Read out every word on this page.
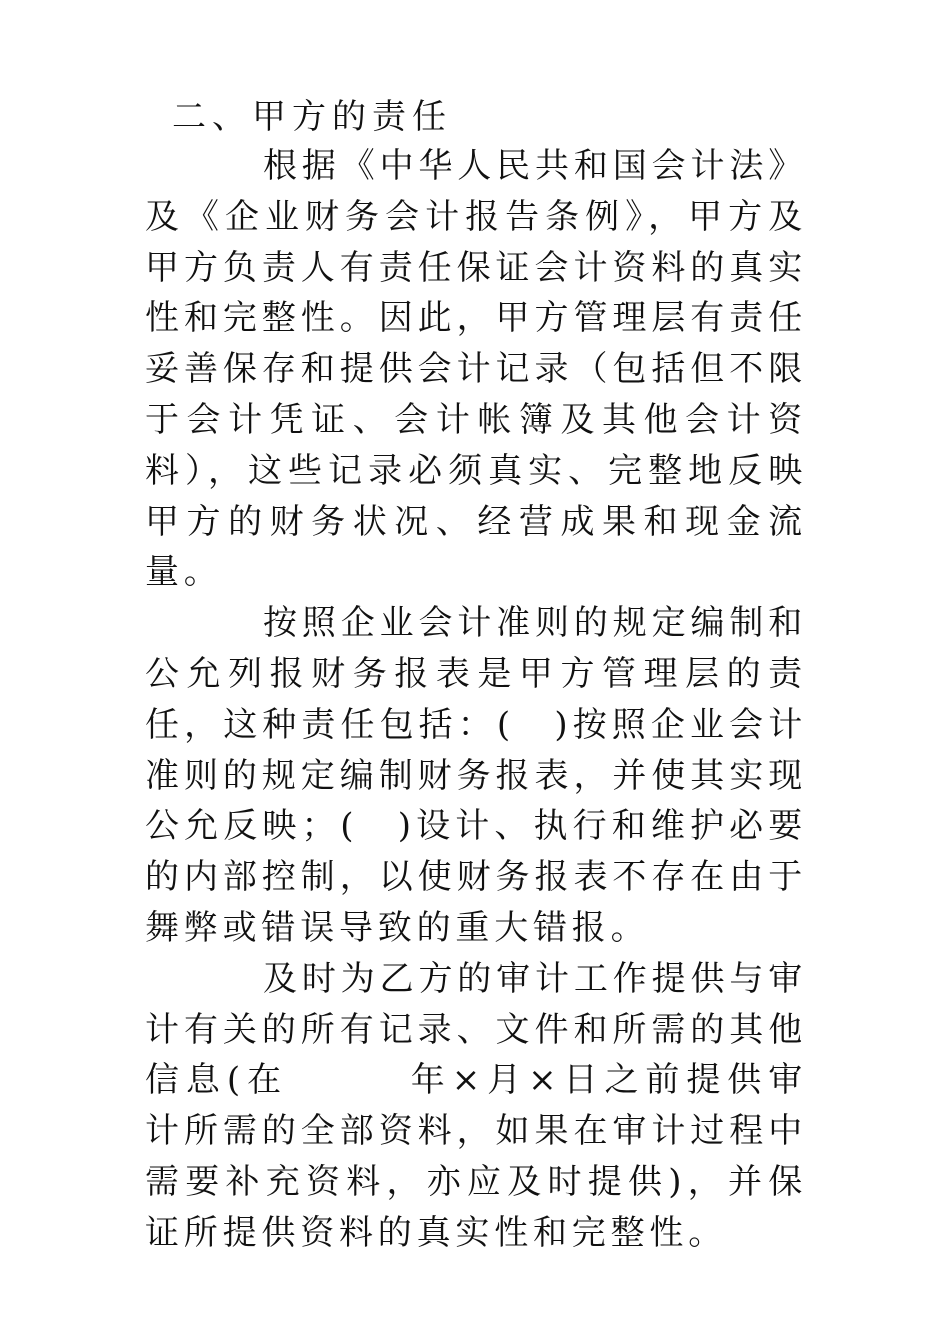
二、甲方的责任

根据《中华人民共和国会计法》及《企业财务会计报告条例》，甲方及甲方负责人有责任保证会计资料的真实性和完整性。因此，甲方管理层有责任妥善保存和提供会计记录（包括但不限于会计凭证、会计帐簿及其他会计资料），这些记录必须真实、完整地反映甲方的财务状况、经营成果和现金流量。

按照企业会计准则的规定编制和公允列报财务报表是甲方管理层的责任，这种责任包括：(　)按照企业会计准则的规定编制财务报表，并使其实现公允反映；(　)设计、执行和维护必要的内部控制，以使财务报表不存在由于舞弊或错误导致的重大错报。

及时为乙方的审计工作提供与审计有关的所有记录、文件和所需的其他信息(在　　　年×月×日之前提供审计所需的全部资料，如果在审计过程中需要补充资料，亦应及时提供)，并保证所提供资料的真实性和完整性。
